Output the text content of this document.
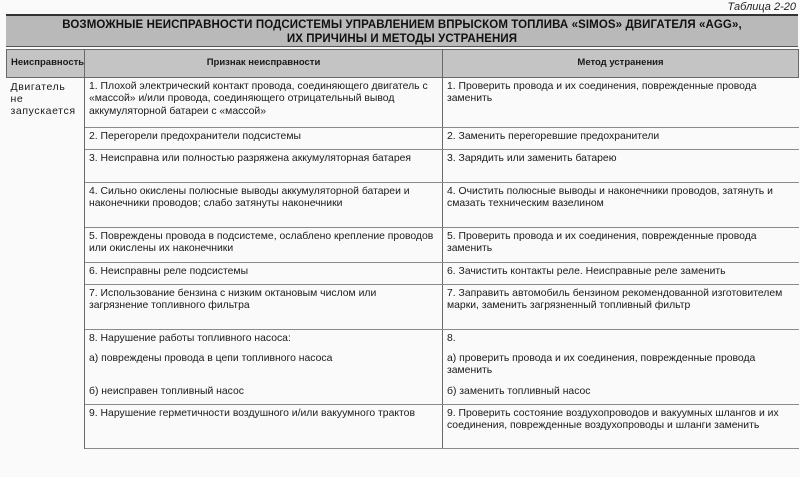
Таблица 2-20
ВОЗМОЖНЫЕ НЕИСПРАВНОСТИ ПОДСИСТЕМЫ УПРАВЛЕНИЕМ ВПРЫСКОМ ТОПЛИВА «SIMOS» ДВИГАТЕЛЯ «AGG»,
ИХ ПРИЧИНЫ И МЕТОДЫ УСТРАНЕНИЯ
Неисправность	Признак неисправности	Метод устранения
Двигатель не запускается	1. Плохой электрический контакт провода, соединяющего двигатель с «массой» и/или провода, соединяющего отрицательный вывод аккумуляторной батареи с «массой»	1. Проверить провода и их соединения, поврежденные провода заменить
	2. Перегорели предохранители подсистемы	2. Заменить перегоревшие предохранители
	3. Неисправна или полностью разряжена аккумуляторная батарея	3. Зарядить или заменить батарею
	4. Сильно окислены полюсные выводы аккумуляторной батареи и наконечники проводов; слабо затянуты наконечники	4. Очистить полюсные выводы и наконечники проводов, затянуть и смазать техническим вазелином
	5. Повреждены провода в подсистеме, ослаблено крепление проводов или окислены их наконечники	5. Проверить провода и их соединения, поврежденные провода заменить
	6. Неисправны реле подсистемы	6. Зачистить контакты реле. Неисправные реле заменить
	7. Использование бензина с низким октановым числом или загрязнение топливного фильтра	7. Заправить автомобиль бензином рекомендованной изготовителем марки, заменить загрязненный топливный фильтр
	8. Нарушение работы топливного насоса:	8.
	а) повреждены провода в цепи топливного насоса	а) проверить провода и их соединения, поврежденные провода заменить
	б) неисправен топливный насос	б) заменить топливный насос
	9. Нарушение герметичности воздушного и/или вакуумного трактов	9. Проверить состояние воздухопроводов и вакуумных шлангов и их соединения, поврежденные воздухопроводы и шланги заменить
